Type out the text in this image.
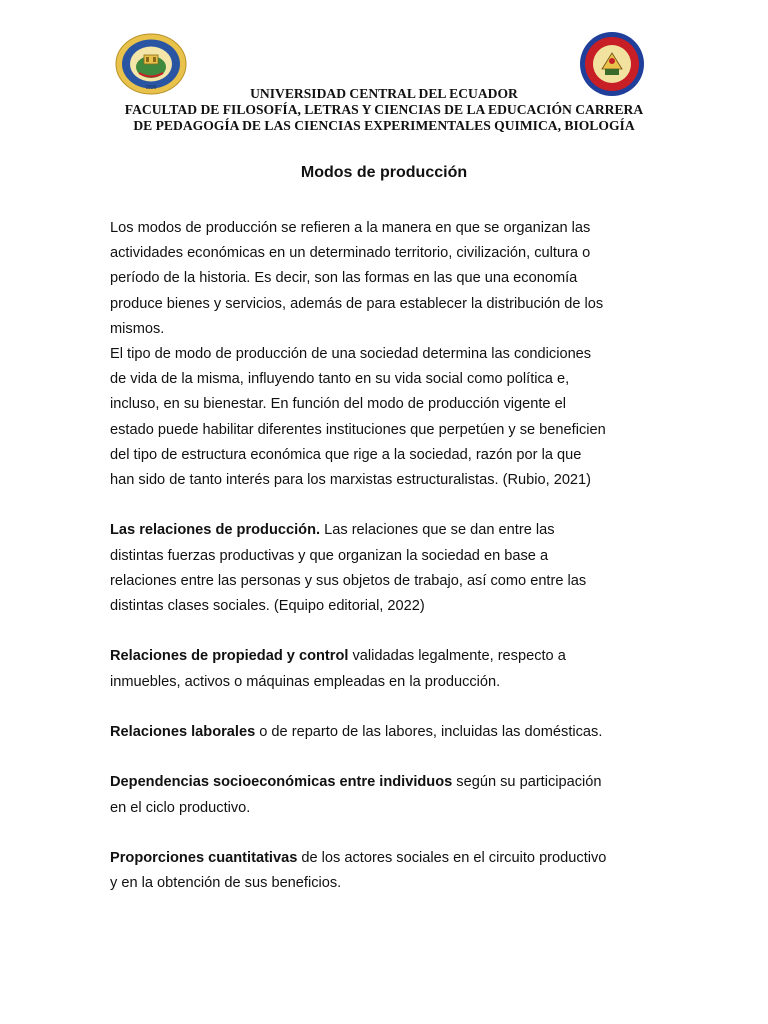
1826	UNIVERSIDAD CENTRAL DEL ECUADOR
FACULTAD DE FILOSOFÍA, LETRAS Y CIENCIAS DE LA EDUCACIÓN CARRERA
DE PEDAGOGÍA DE LAS CIENCIAS EXPERIMENTALES QUIMICA, BIOLOGÍA
Modos de producción

Los modos de producción se refieren a la manera en que se organizan las
actividades económicas en un determinado territorio, civilización, cultura o
período de la historia. Es decir, son las formas en las que una economía
produce bienes y servicios, además de para establecer la distribución de los
mismos.

El tipo de modo de producción de una sociedad determina las condiciones
de vida de la misma, influyendo tanto en su vida social como política e,
incluso, en su bienestar. En función del modo de producción vigente el
estado puede habilitar diferentes instituciones que perpetúen y se beneficien
del tipo de estructura económica que rige a la sociedad, razón por la que
han sido de tanto interés para los marxistas estructuralistas. (Rubio, 2021)

Las relaciones de producción. Las relaciones que se dan entre las
distintas fuerzas productivas y que organizan la sociedad en base a
relaciones entre las personas y sus objetos de trabajo, así como entre las
distintas clases sociales. (Equipo editorial, 2022)

Relaciones de propiedad y control validadas legalmente, respecto a
inmuebles, activos o máquinas empleadas en la producción.

Relaciones laborales o de reparto de las labores, incluidas las domésticas.

Dependencias socioeconómicas entre individuos según su participación
en el ciclo productivo.

Proporciones cuantitativas de los actores sociales en el circuito productivo
y en la obtención de sus beneficios.
